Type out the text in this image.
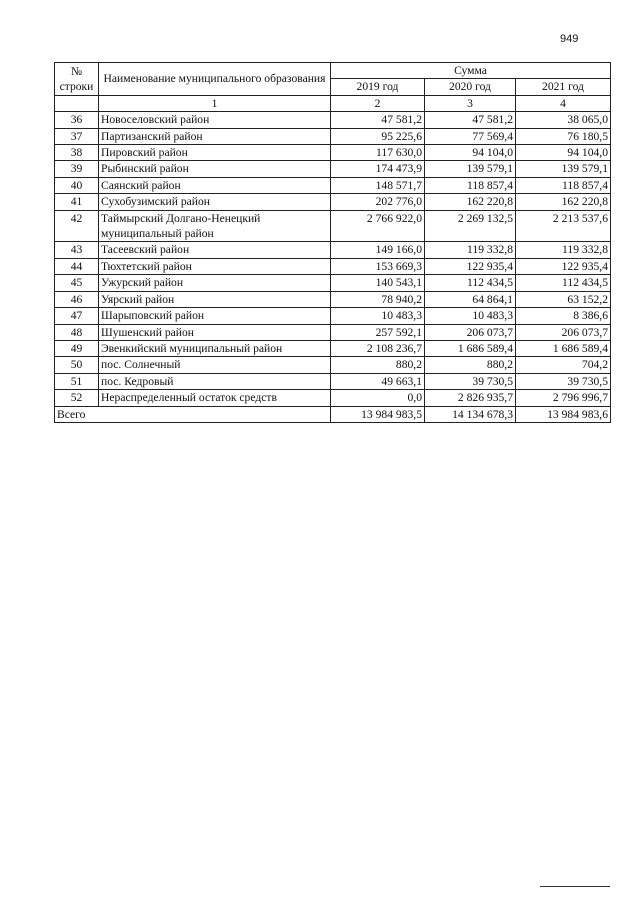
949
№ строки	Наименование муниципального образования	Сумма		
		2019 год	2020 год	2021 год
	1	2	3	4
36	Новоселовский район	47 581,2	47 581,2	38 065,0
37	Партизанский район	95 225,6	77 569,4	76 180,5
38	Пировский район	117 630,0	94 104,0	94 104,0
39	Рыбинский район	174 473,9	139 579,1	139 579,1
40	Саянский район	148 571,7	118 857,4	118 857,4
41	Сухобузимский район	202 776,0	162 220,8	162 220,8
42	Таймырский Долгано-Ненецкий муниципальный район	2 766 922,0	2 269 132,5	2 213 537,6
43	Тасеевский район	149 166,0	119 332,8	119 332,8
44	Тюхтетский район	153 669,3	122 935,4	122 935,4
45	Ужурский район	140 543,1	112 434,5	112 434,5
46	Уярский район	78 940,2	64 864,1	63 152,2
47	Шарыповский район	10 483,3	10 483,3	8 386,6
48	Шушенский район	257 592,1	206 073,7	206 073,7
49	Эвенкийский муниципальный район	2 108 236,7	1 686 589,4	1 686 589,4
50	пос. Солнечный	880,2	880,2	704,2
51	пос. Кедровый	49 663,1	39 730,5	39 730,5
52	Нераспределенный остаток средств	0,0	2 826 935,7	2 796 996,7
Всего		13 984 983,5	14 134 678,3	13 984 983,6
